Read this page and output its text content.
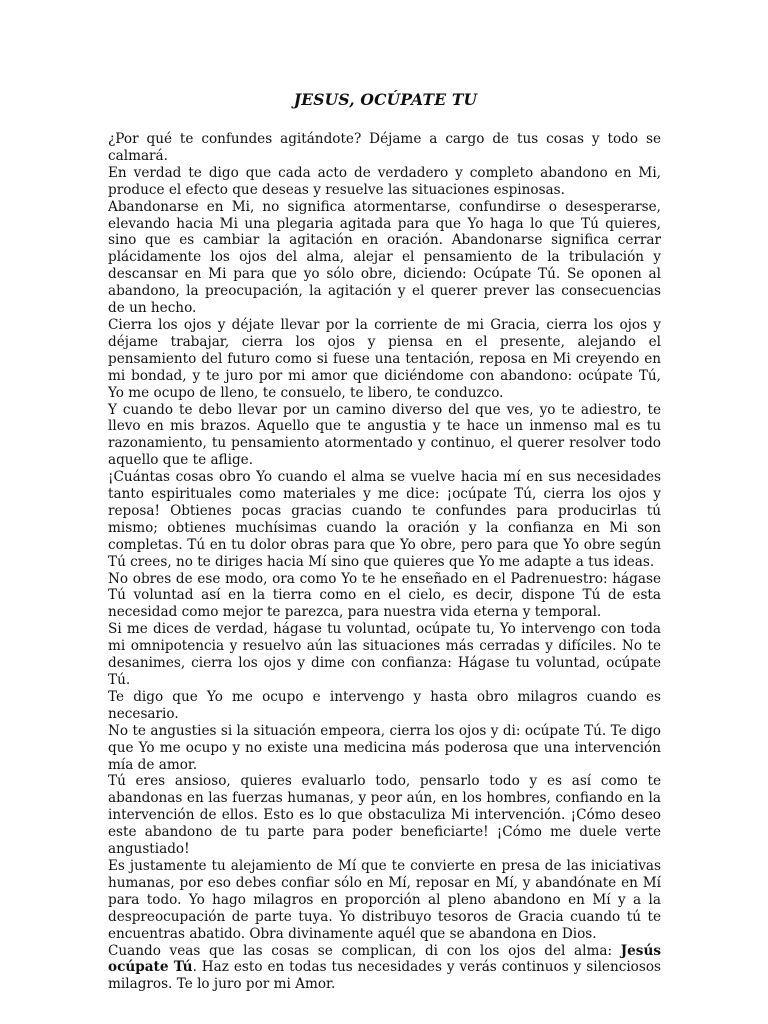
JESUS, OCÚPATE TU

¿Por qué te confundes agitándote? Déjame a cargo de tus cosas y todo se calmará.

En verdad te digo que cada acto de verdadero y completo abandono en Mi, produce el efecto que deseas y resuelve las situaciones espinosas.

Abandonarse en Mi, no significa atormentarse, confundirse o desesperarse, elevando hacia Mi una plegaria agitada para que Yo haga lo que Tú quieres, sino que es cambiar la agitación en oración. Abandonarse significa cerrar plácidamente los ojos del alma, alejar el pensamiento de la tribulación y descansar en Mi para que yo sólo obre, diciendo: Ocúpate Tú. Se oponen al abandono, la preocupación, la agitación y el querer prever las consecuencias de un hecho.

Cierra los ojos y déjate llevar por la corriente de mi Gracia, cierra los ojos y déjame trabajar, cierra los ojos y piensa en el presente, alejando el pensamiento del futuro como si fuese una tentación, reposa en Mi creyendo en mi bondad, y te juro por mi amor que diciéndome con abandono: ocúpate Tú, Yo me ocupo de lleno, te consuelo, te libero, te conduzco.

Y cuando te debo llevar por un camino diverso del que ves, yo te adiestro, te llevo en mis brazos. Aquello que te angustia y te hace un inmenso mal es tu razonamiento, tu pensamiento atormentado y continuo, el querer resolver todo aquello que te aflige.

¡Cuántas cosas obro Yo cuando el alma se vuelve hacia mí en sus necesidades tanto espirituales como materiales y me dice: ¡ocúpate Tú, cierra los ojos y reposa! Obtienes pocas gracias cuando te confundes para producirlas tú mismo; obtienes muchísimas cuando la oración y la confianza en Mi son completas. Tú en tu dolor obras para que Yo obre, pero para que Yo obre según Tú crees, no te diriges hacia Mí sino que quieres que Yo me adapte a tus ideas.

No obres de ese modo, ora como Yo te he enseñado en el Padrenuestro: hágase Tú voluntad así en la tierra como en el cielo, es decir, dispone Tú de esta necesidad como mejor te parezca, para nuestra vida eterna y temporal.

Si me dices de verdad, hágase tu voluntad, ocúpate tu, Yo intervengo con toda mi omnipotencia y resuelvo aún las situaciones más cerradas y difíciles. No te desanimes, cierra los ojos y dime con confianza: Hágase tu voluntad, ocúpate Tú.

Te digo que Yo me ocupo e intervengo y hasta obro milagros cuando es necesario.

No te angusties si la situación empeora, cierra los ojos y di: ocúpate Tú. Te digo que Yo me ocupo y no existe una medicina más poderosa que una intervención mía de amor.

Tú eres ansioso, quieres evaluarlo todo, pensarlo todo y es así como te abandonas en las fuerzas humanas, y peor aún, en los hombres, confiando en la intervención de ellos. Esto es lo que obstaculiza Mi intervención. ¡Cómo deseo este abandono de tu parte para poder beneficiarte! ¡Cómo me duele verte angustiado!

Es justamente tu alejamiento de Mí que te convierte en presa de las iniciativas humanas, por eso debes confiar sólo en Mí, reposar en Mí, y abandónate en Mí para todo. Yo hago milagros en proporción al pleno abandono en Mí y a la despreocupación de parte tuya. Yo distribuyo tesoros de Gracia cuando tú te encuentras abatido. Obra divinamente aquél que se abandona en Dios.

Cuando veas que las cosas se complican, di con los ojos del alma: Jesús ocúpate Tú. Haz esto en todas tus necesidades y verás continuos y silenciosos milagros. Te lo juro por mi Amor.
